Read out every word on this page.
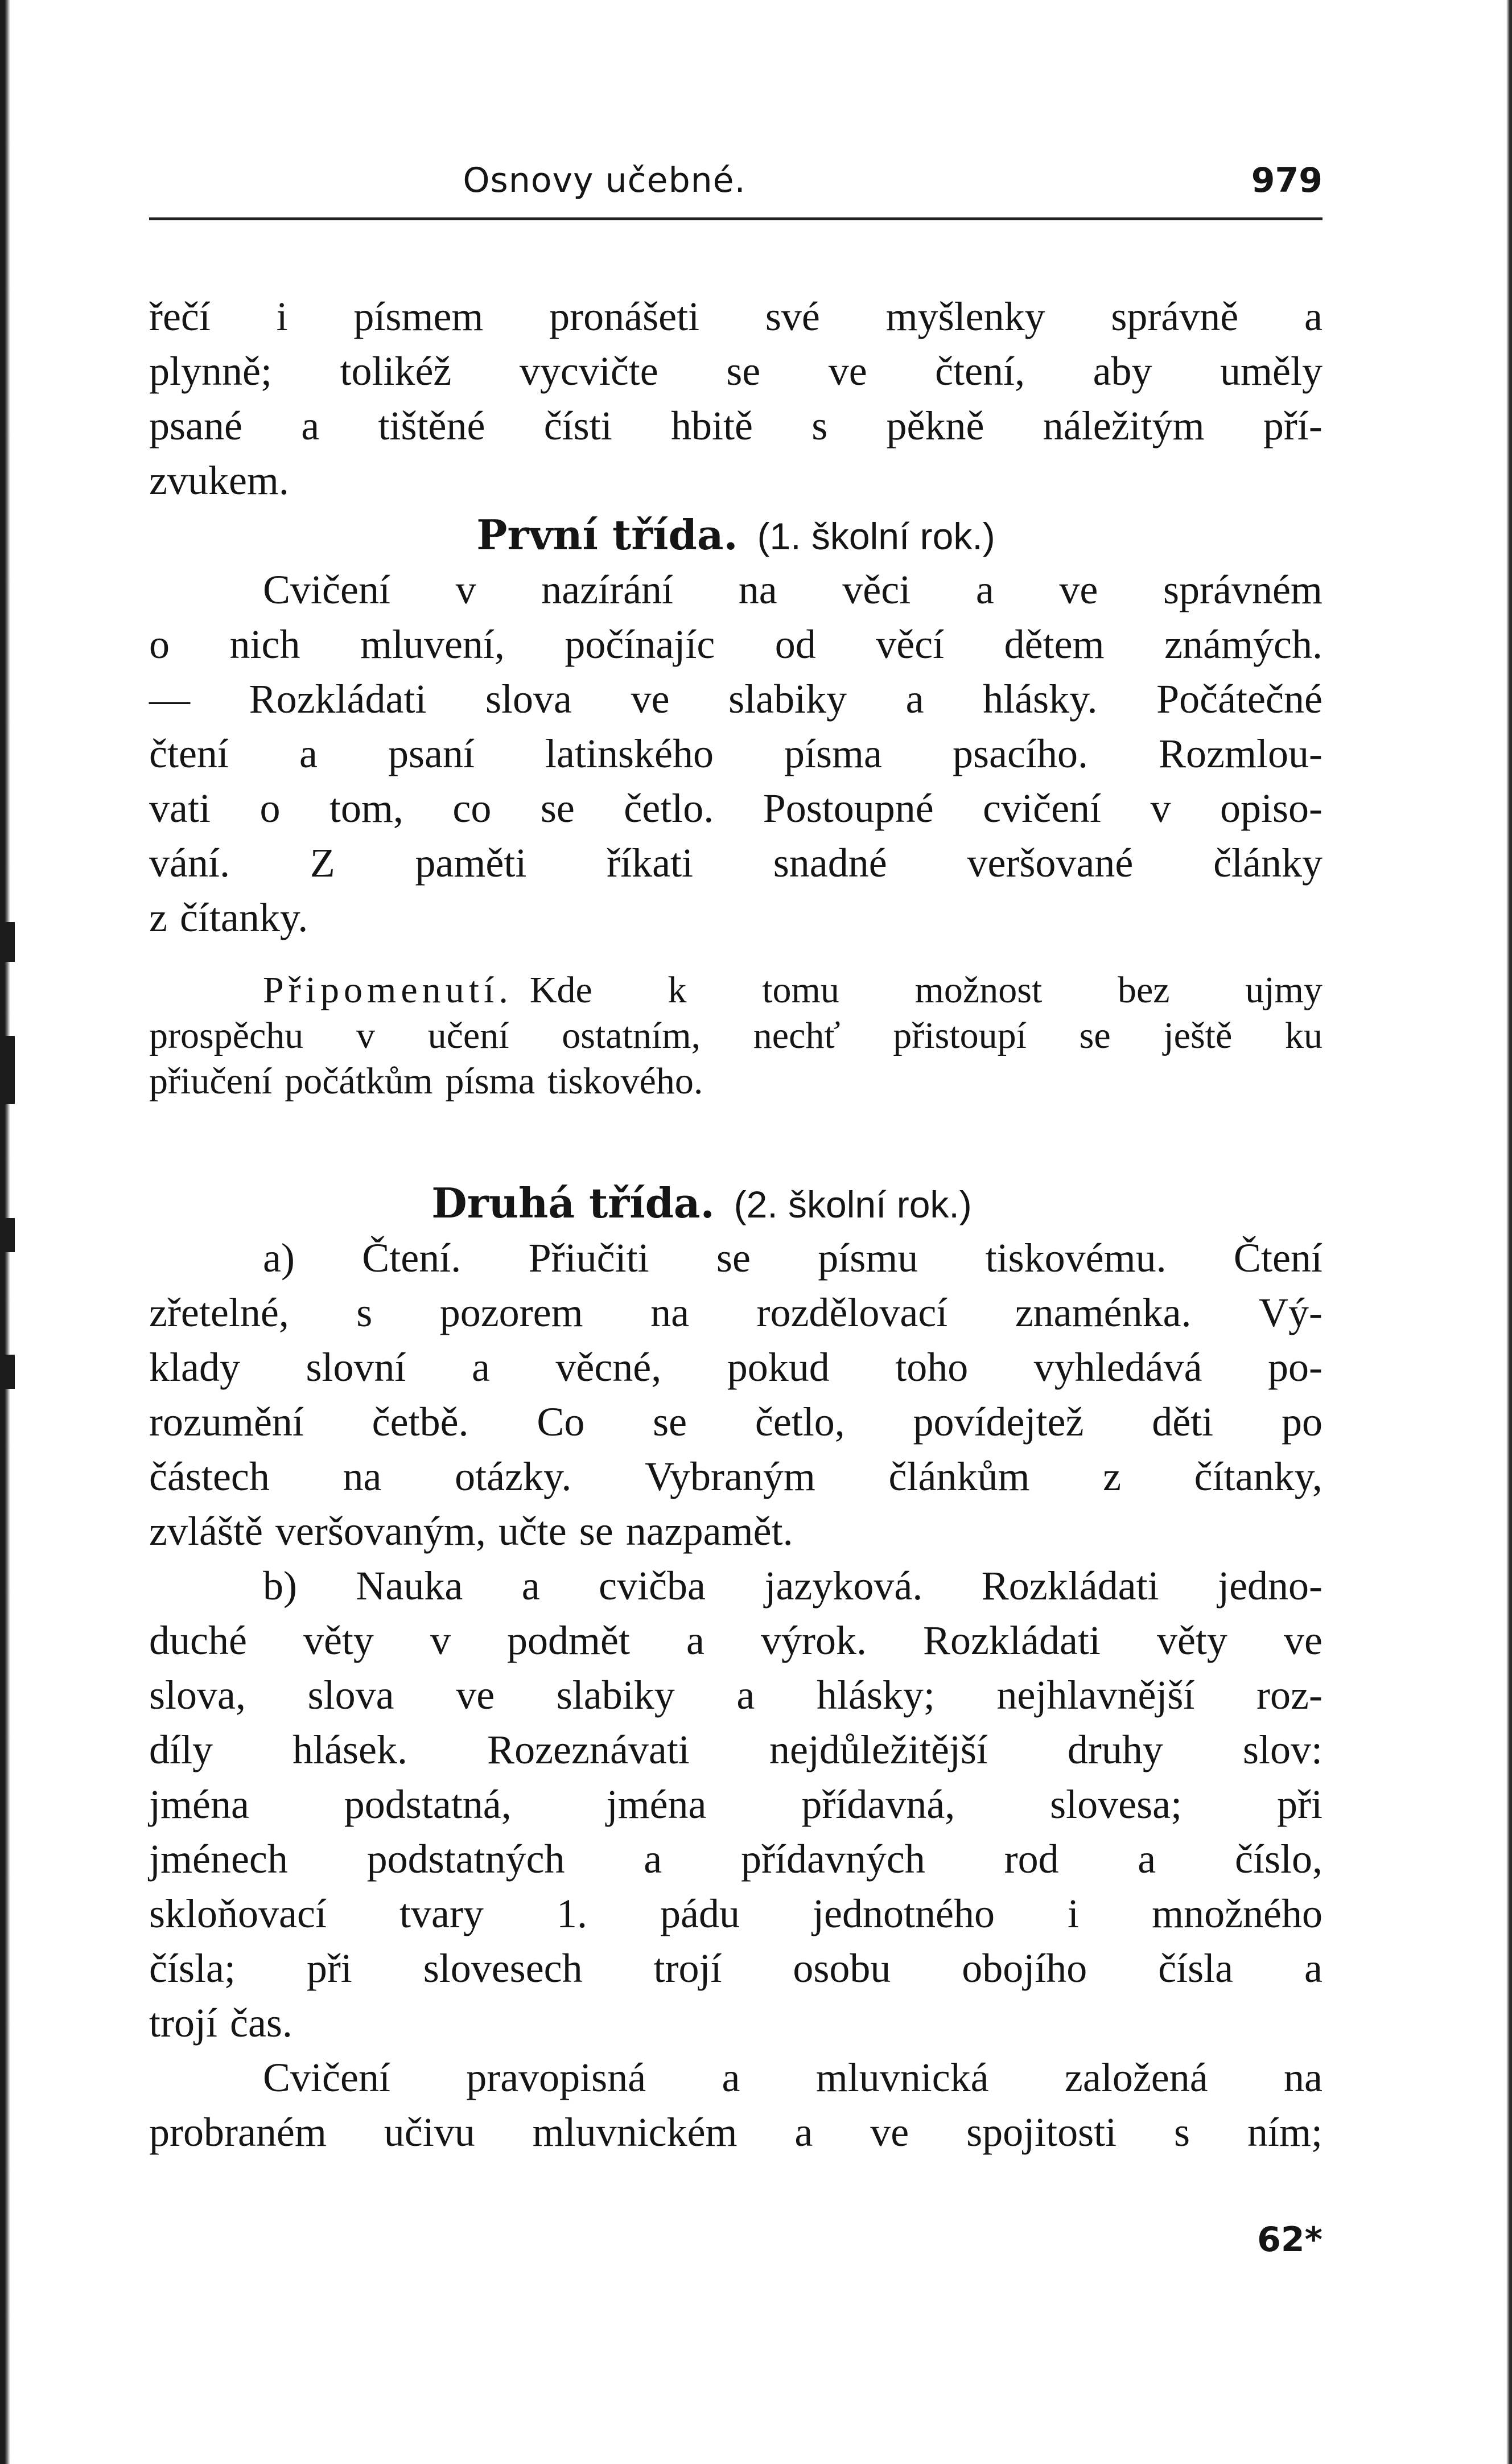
Osnovy učebné.	979
řečí i písmem pronášeti své myšlenky správně a
plynně; tolikéž vycvičte se ve čtení, aby uměly
psané a tištěné čísti hbitě s pěkně náležitým pří-
zvukem.
První třída. (1. školní rok.)
Cvičení v nazírání na věci a ve správném
o nich mluvení, počínajíc od věcí dětem známých.
— Rozkládati slova ve slabiky a hlásky. Počátečné
čtení a psaní latinského písma psacího. Rozmlou-
vati o tom, co se četlo. Postoupné cvičení v opiso-
vání. Z paměti říkati snadné veršované články
z čítanky.
Připomenutí. Kde k tomu možnost bez ujmy
prospěchu v učení ostatním, nechť přistoupí se ještě ku
přiučení počátkům písma tiskového.
Druhá třída. (2. školní rok.)
a) Čtení. Přiučiti se písmu tiskovému. Čtení
zřetelné, s pozorem na rozdělovací znaménka. Vý-
klady slovní a věcné, pokud toho vyhledává po-
rozumění četbě. Co se četlo, povídejtež děti po
částech na otázky. Vybraným článkům z čítanky,
zvláště veršovaným, učte se nazpamět.
b) Nauka a cvičba jazyková. Rozkládati jedno-
duché věty v podmět a výrok. Rozkládati věty ve
slova, slova ve slabiky a hlásky; nejhlavnější roz-
díly hlásek. Rozeznávati nejdůležitější druhy slov:
jména podstatná, jména přídavná, slovesa; při
jménech podstatných a přídavných rod a číslo,
skloňovací tvary 1. pádu jednotného i množného
čísla; při slovesech trojí osobu obojího čísla a
trojí čas.
Cvičení pravopisná a mluvnická založená na
probraném učivu mluvnickém a ve spojitosti s ním;
62*
